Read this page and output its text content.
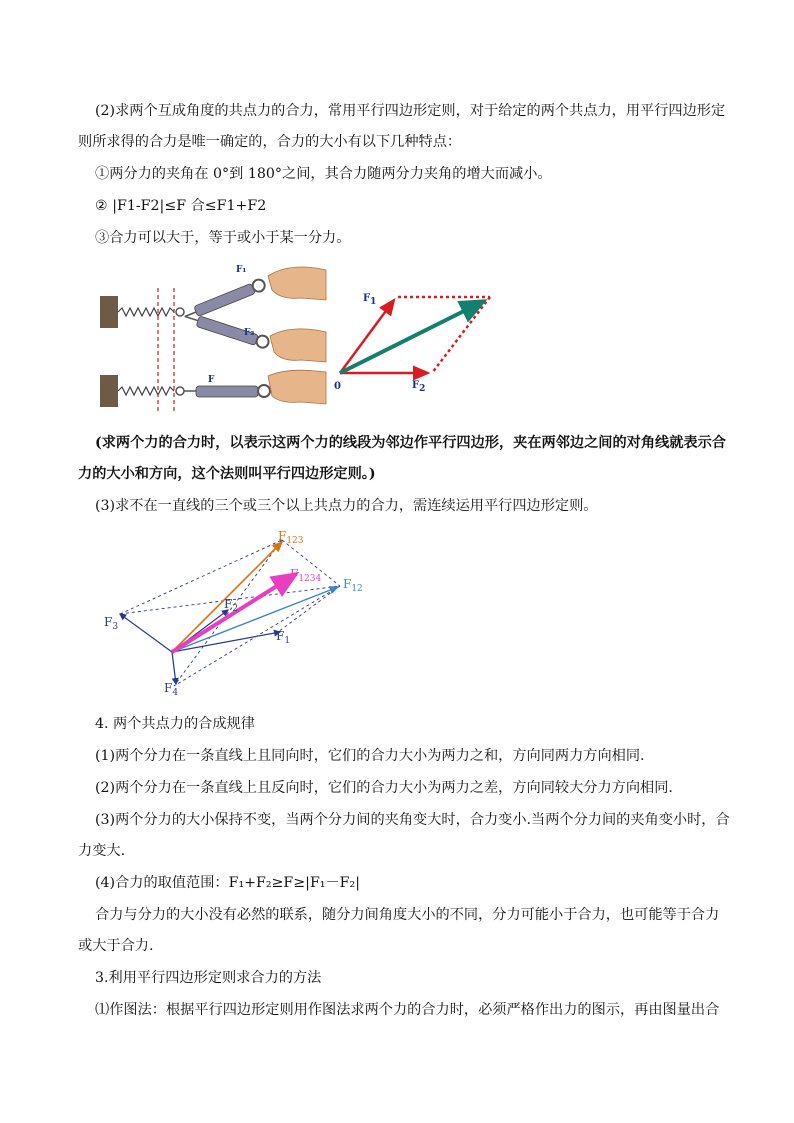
(2)求两个互成角度的共点力的合力，常用平行四边形定则，对于给定的两个共点力，用平行四边形定
则所求得的合力是唯一确定的，合力的大小有以下几种特点：
①两分力的夹角在 0°到 180°之间，其合力随两分力夹角的增大而减小。
② |F1-F2|≤F 合≤F1+F2
③合力可以大于，等于或小于某一分力。
F₁
F₂
F
F1
F2
0
(求两个力的合力时，以表示这两个力的线段为邻边作平行四边形，夹在两邻边之间的对角线就表示合
力的大小和方向，这个法则叫平行四边形定则。)
(3)求不在一直线的三个或三个以上共点力的合力，需连续运用平行四边形定则。
$F_{123}$
$F_{1234}$ $F_{12}$
$F_1$
$F_2$
$F_3$
$F_4$
4. 两个共点力的合成规律
(1)两个分力在一条直线上且同向时，它们的合力大小为两力之和，方向同两力方向相同.
(2)两个分力在一条直线上且反向时，它们的合力大小为两力之差，方向同较大分力方向相同.
(3)两个分力的大小保持不变，当两个分力间的夹角变大时，合力变小.当两个分力间的夹角变小时，合
力变大.
(4)合力的取值范围：F₁+F₂≥F≥|F₁－F₂|
合力与分力的大小没有必然的联系，随分力间角度大小的不同，分力可能小于合力，也可能等于合力
或大于合力.
3.利用平行四边形定则求合力的方法
⑴作图法：根据平行四边形定则用作图法求两个力的合力时，必须严格作出力的图示，再由图量出合
